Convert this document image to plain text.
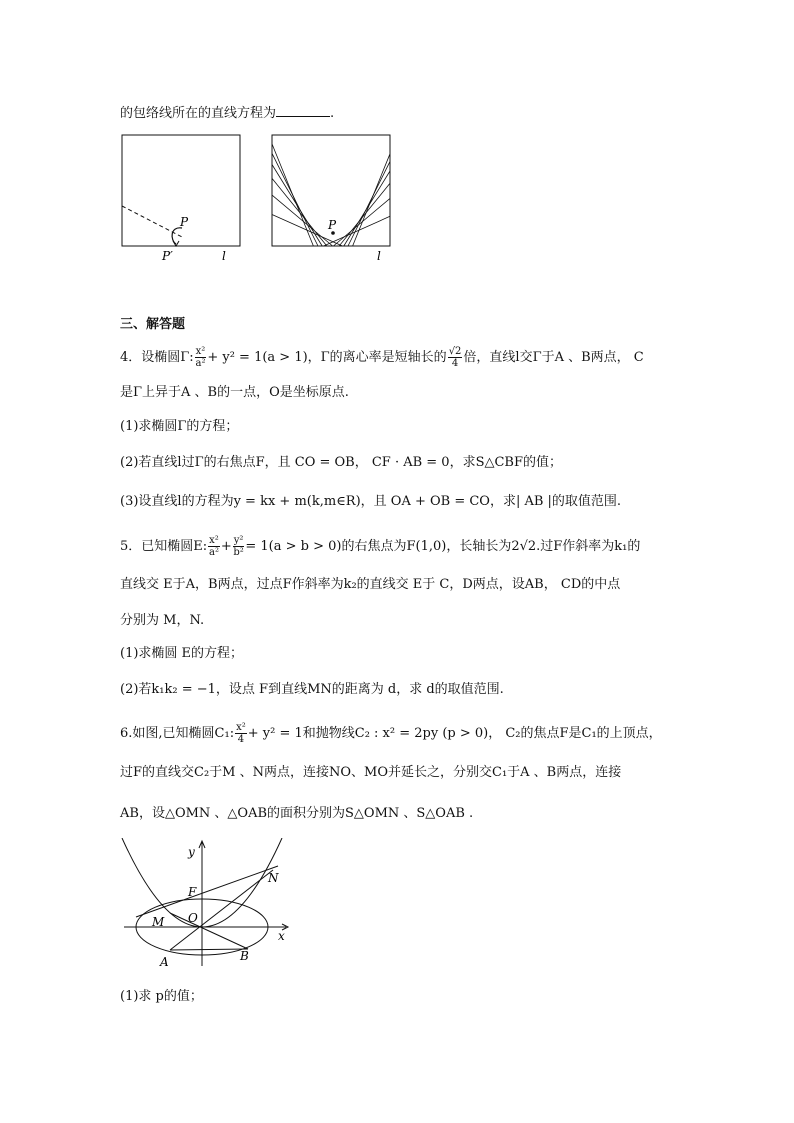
的包络线所在的直线方程为	.
P
P′	l
P
l
三、解答题
4．设椭圆Γ: $\frac{\text{x²}}{\text{a²}} + y^2 = 1(a > 1)$，Γ的离心率是短轴长的 $\frac{√2}{4}$ 倍，直线l交Γ于A 、B两点， C
是Γ上异于A 、B的一点，O是坐标原点.
(1)求椭圆Γ的方程；
(2)若直线l过Γ的右焦点F，且 CO = OB， CF · AB = 0，求S△CBF的值；
(3)设直线l的方程为y = kx + m(k,m∈R)，且 OA + OB = CO，求| AB |的取值范围.
5．已知椭圆E: $\frac{\text{x²}}{\text{a²}} + \frac{\text{y²}}{\text{b²}} = 1(a > b > 0)$的右焦点为F(1,0)，长轴长为2√2.过F作斜率为k₁的
直线交 E于A，B两点，过点F作斜率为k₂的直线交 E于 C，D两点，设AB， CD的中点
分别为 M，N.
(1)求椭圆 E的方程；
(2)若k₁k₂ = −1，设点 F到直线MN的距离为 d，求 d的取值范围.
6.如图,已知椭圆C₁: $\frac{\text{x²}}{4} + y^2 = 1$和抛物线C₂ : x² = 2py (p > 0)， C₂的焦点F是C₁的上顶点，
过F的直线交C₂于M 、N两点，连接NO、MO并延长之，分别交C₁于A 、B两点，连接
AB，设△OMN 、△OAB的面积分别为S△OMN 、S△OAB .
y
x
F
O
M
N
A	B
(1)求 p的值；
